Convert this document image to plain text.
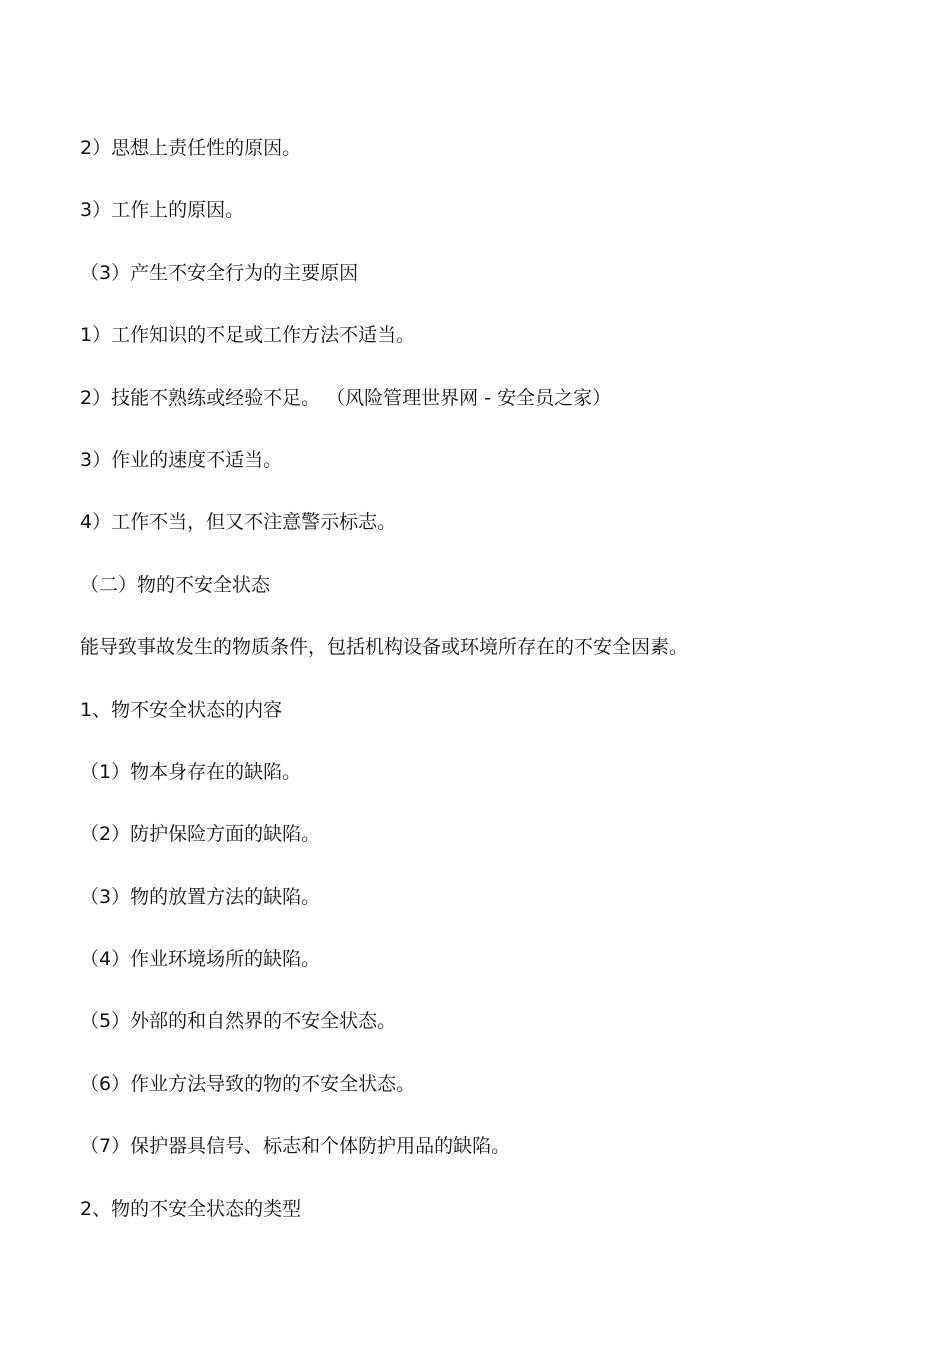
2）思想上责任性的原因。
3）工作上的原因。
（3）产生不安全行为的主要原因
1）工作知识的不足或工作方法不适当。
2）技能不熟练或经验不足。 （风险管理世界网 - 安全员之家）
3）作业的速度不适当。
4）工作不当，但又不注意警示标志。
（二）物的不安全状态
能导致事故发生的物质条件，包括机构设备或环境所存在的不安全因素。
1、物不安全状态的内容
（1）物本身存在的缺陷。
（2）防护保险方面的缺陷。
（3）物的放置方法的缺陷。
（4）作业环境场所的缺陷。
（5）外部的和自然界的不安全状态。
（6）作业方法导致的物的不安全状态。
（7）保护器具信号、标志和个体防护用品的缺陷。
2、物的不安全状态的类型
